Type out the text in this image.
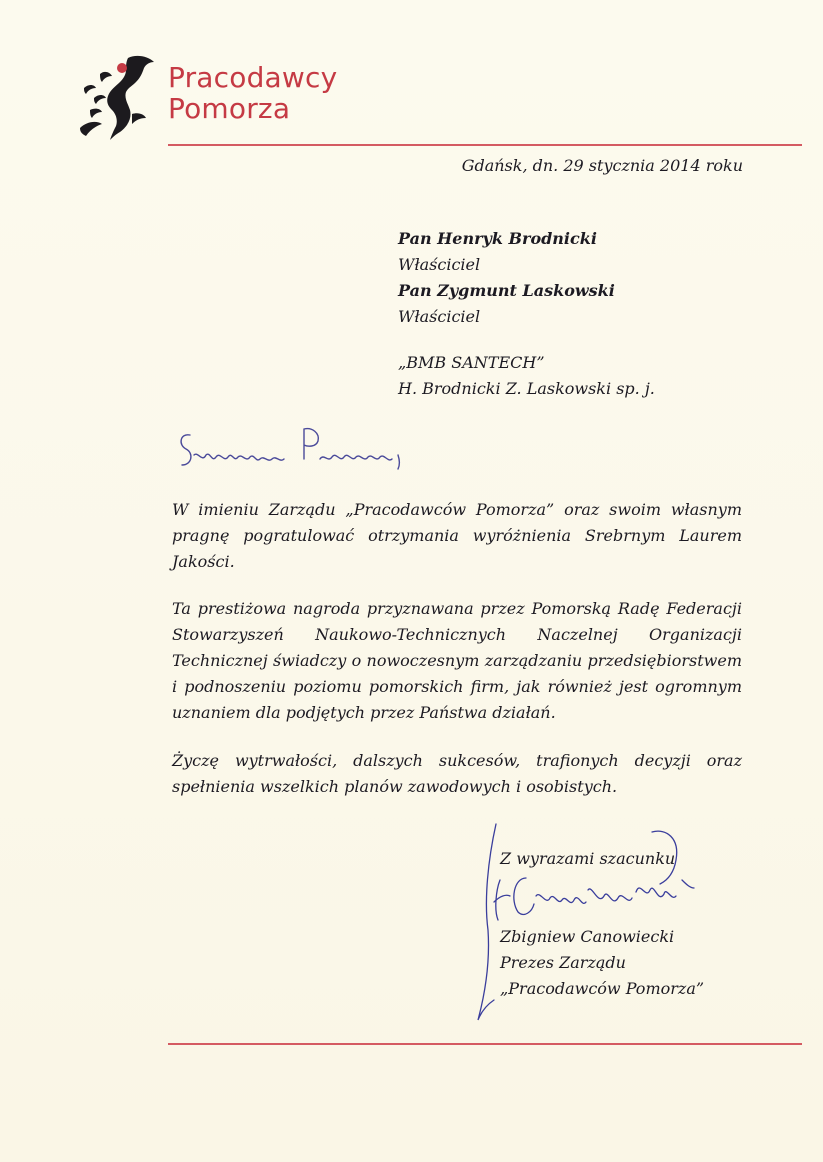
Pracodawcy
Pomorza
Gdańsk, dn. 29 stycznia 2014 roku
Pan Henryk Brodnicki
Właściciel
Pan Zygmunt Laskowski
Właściciel
„BMB SANTECH”
H. Brodnicki Z. Laskowski sp. j.
W imieniu Zarządu „Pracodawców Pomorza” oraz swoim własnym pragnę pogratulować otrzymania wyróżnienia Srebrnym Laurem Jakości.
Ta prestiżowa nagroda przyznawana przez Pomorską Radę Federacji Stowarzyszeń Naukowo-Technicznych Naczelnej Organizacji Technicznej świadczy o nowoczesnym zarządzaniu przedsiębiorstwem i podnoszeniu poziomu pomorskich firm, jak również jest ogromnym uznaniem dla podjętych przez Państwa działań.
Życzę wytrwałości, dalszych sukcesów, trafionych decyzji oraz spełnienia wszelkich planów zawodowych i osobistych.
Z wyrazami szacunku
Zbigniew Canowiecki
Prezes Zarządu
„Pracodawców Pomorza”
